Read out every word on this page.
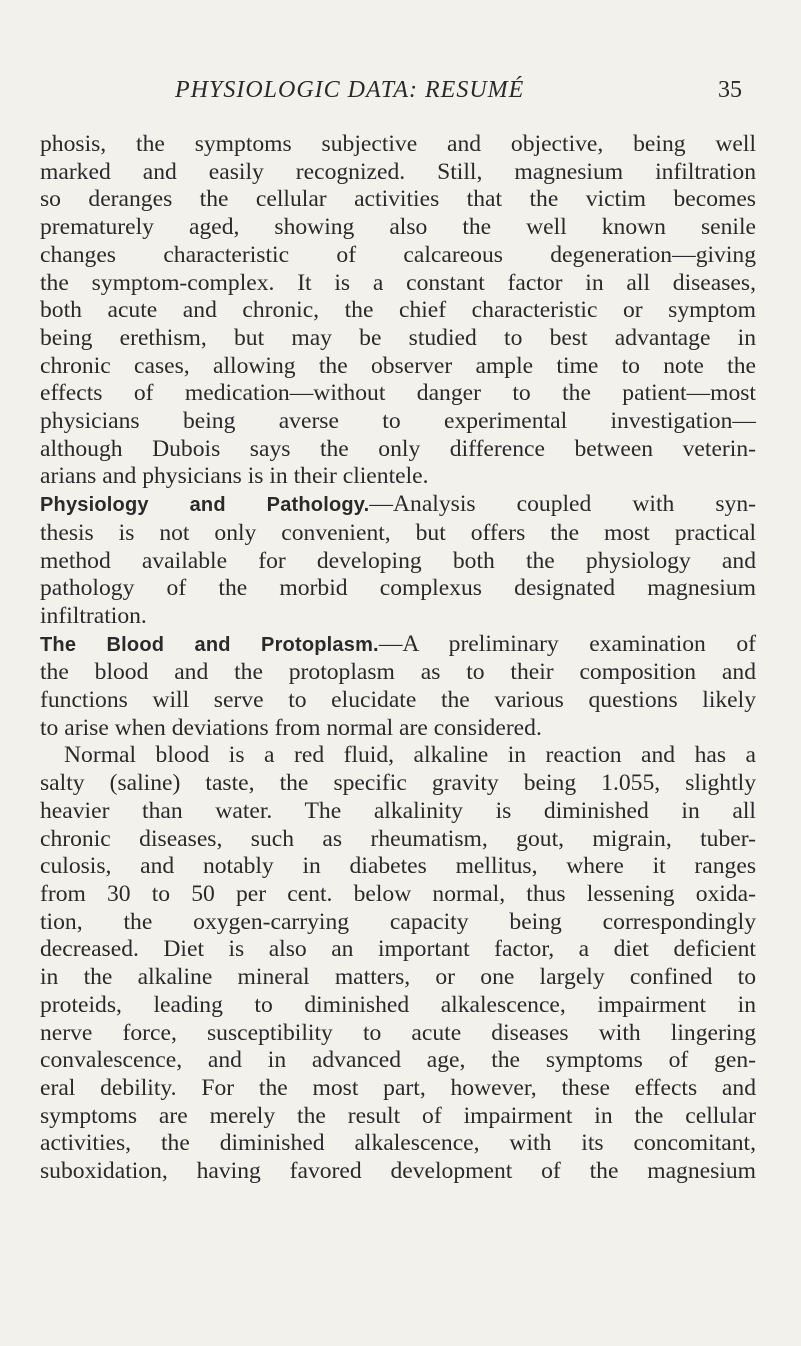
PHYSIOLOGIC DATA: RESUMÉ	35
phosis, the symptoms subjective and objective, being well
marked and easily recognized. Still, magnesium infiltration
so deranges the cellular activities that the victim becomes
prematurely aged, showing also the well known senile
changes characteristic of calcareous degeneration—giving
the symptom-complex. It is a constant factor in all diseases,
both acute and chronic, the chief characteristic or symptom
being erethism, but may be studied to best advantage in
chronic cases, allowing the observer ample time to note the
effects of medication—without danger to the patient—most
physicians being averse to experimental investigation—
although Dubois says the only difference between veterin-
arians and physicians is in their clientele.
Physiology and Pathology.—Analysis coupled with syn-
thesis is not only convenient, but offers the most practical
method available for developing both the physiology and
pathology of the morbid complexus designated magnesium
infiltration.
The Blood and Protoplasm.—A preliminary examination of
the blood and the protoplasm as to their composition and
functions will serve to elucidate the various questions likely
to arise when deviations from normal are considered.
Normal blood is a red fluid, alkaline in reaction and has a
salty (saline) taste, the specific gravity being 1.055, slightly
heavier than water. The alkalinity is diminished in all
chronic diseases, such as rheumatism, gout, migrain, tuber-
culosis, and notably in diabetes mellitus, where it ranges
from 30 to 50 per cent. below normal, thus lessening oxida-
tion, the oxygen-carrying capacity being correspondingly
decreased. Diet is also an important factor, a diet deficient
in the alkaline mineral matters, or one largely confined to
proteids, leading to diminished alkalescence, impairment in
nerve force, susceptibility to acute diseases with lingering
convalescence, and in advanced age, the symptoms of gen-
eral debility. For the most part, however, these effects and
symptoms are merely the result of impairment in the cellular
activities, the diminished alkalescence, with its concomitant,
suboxidation, having favored development of the magnesium
